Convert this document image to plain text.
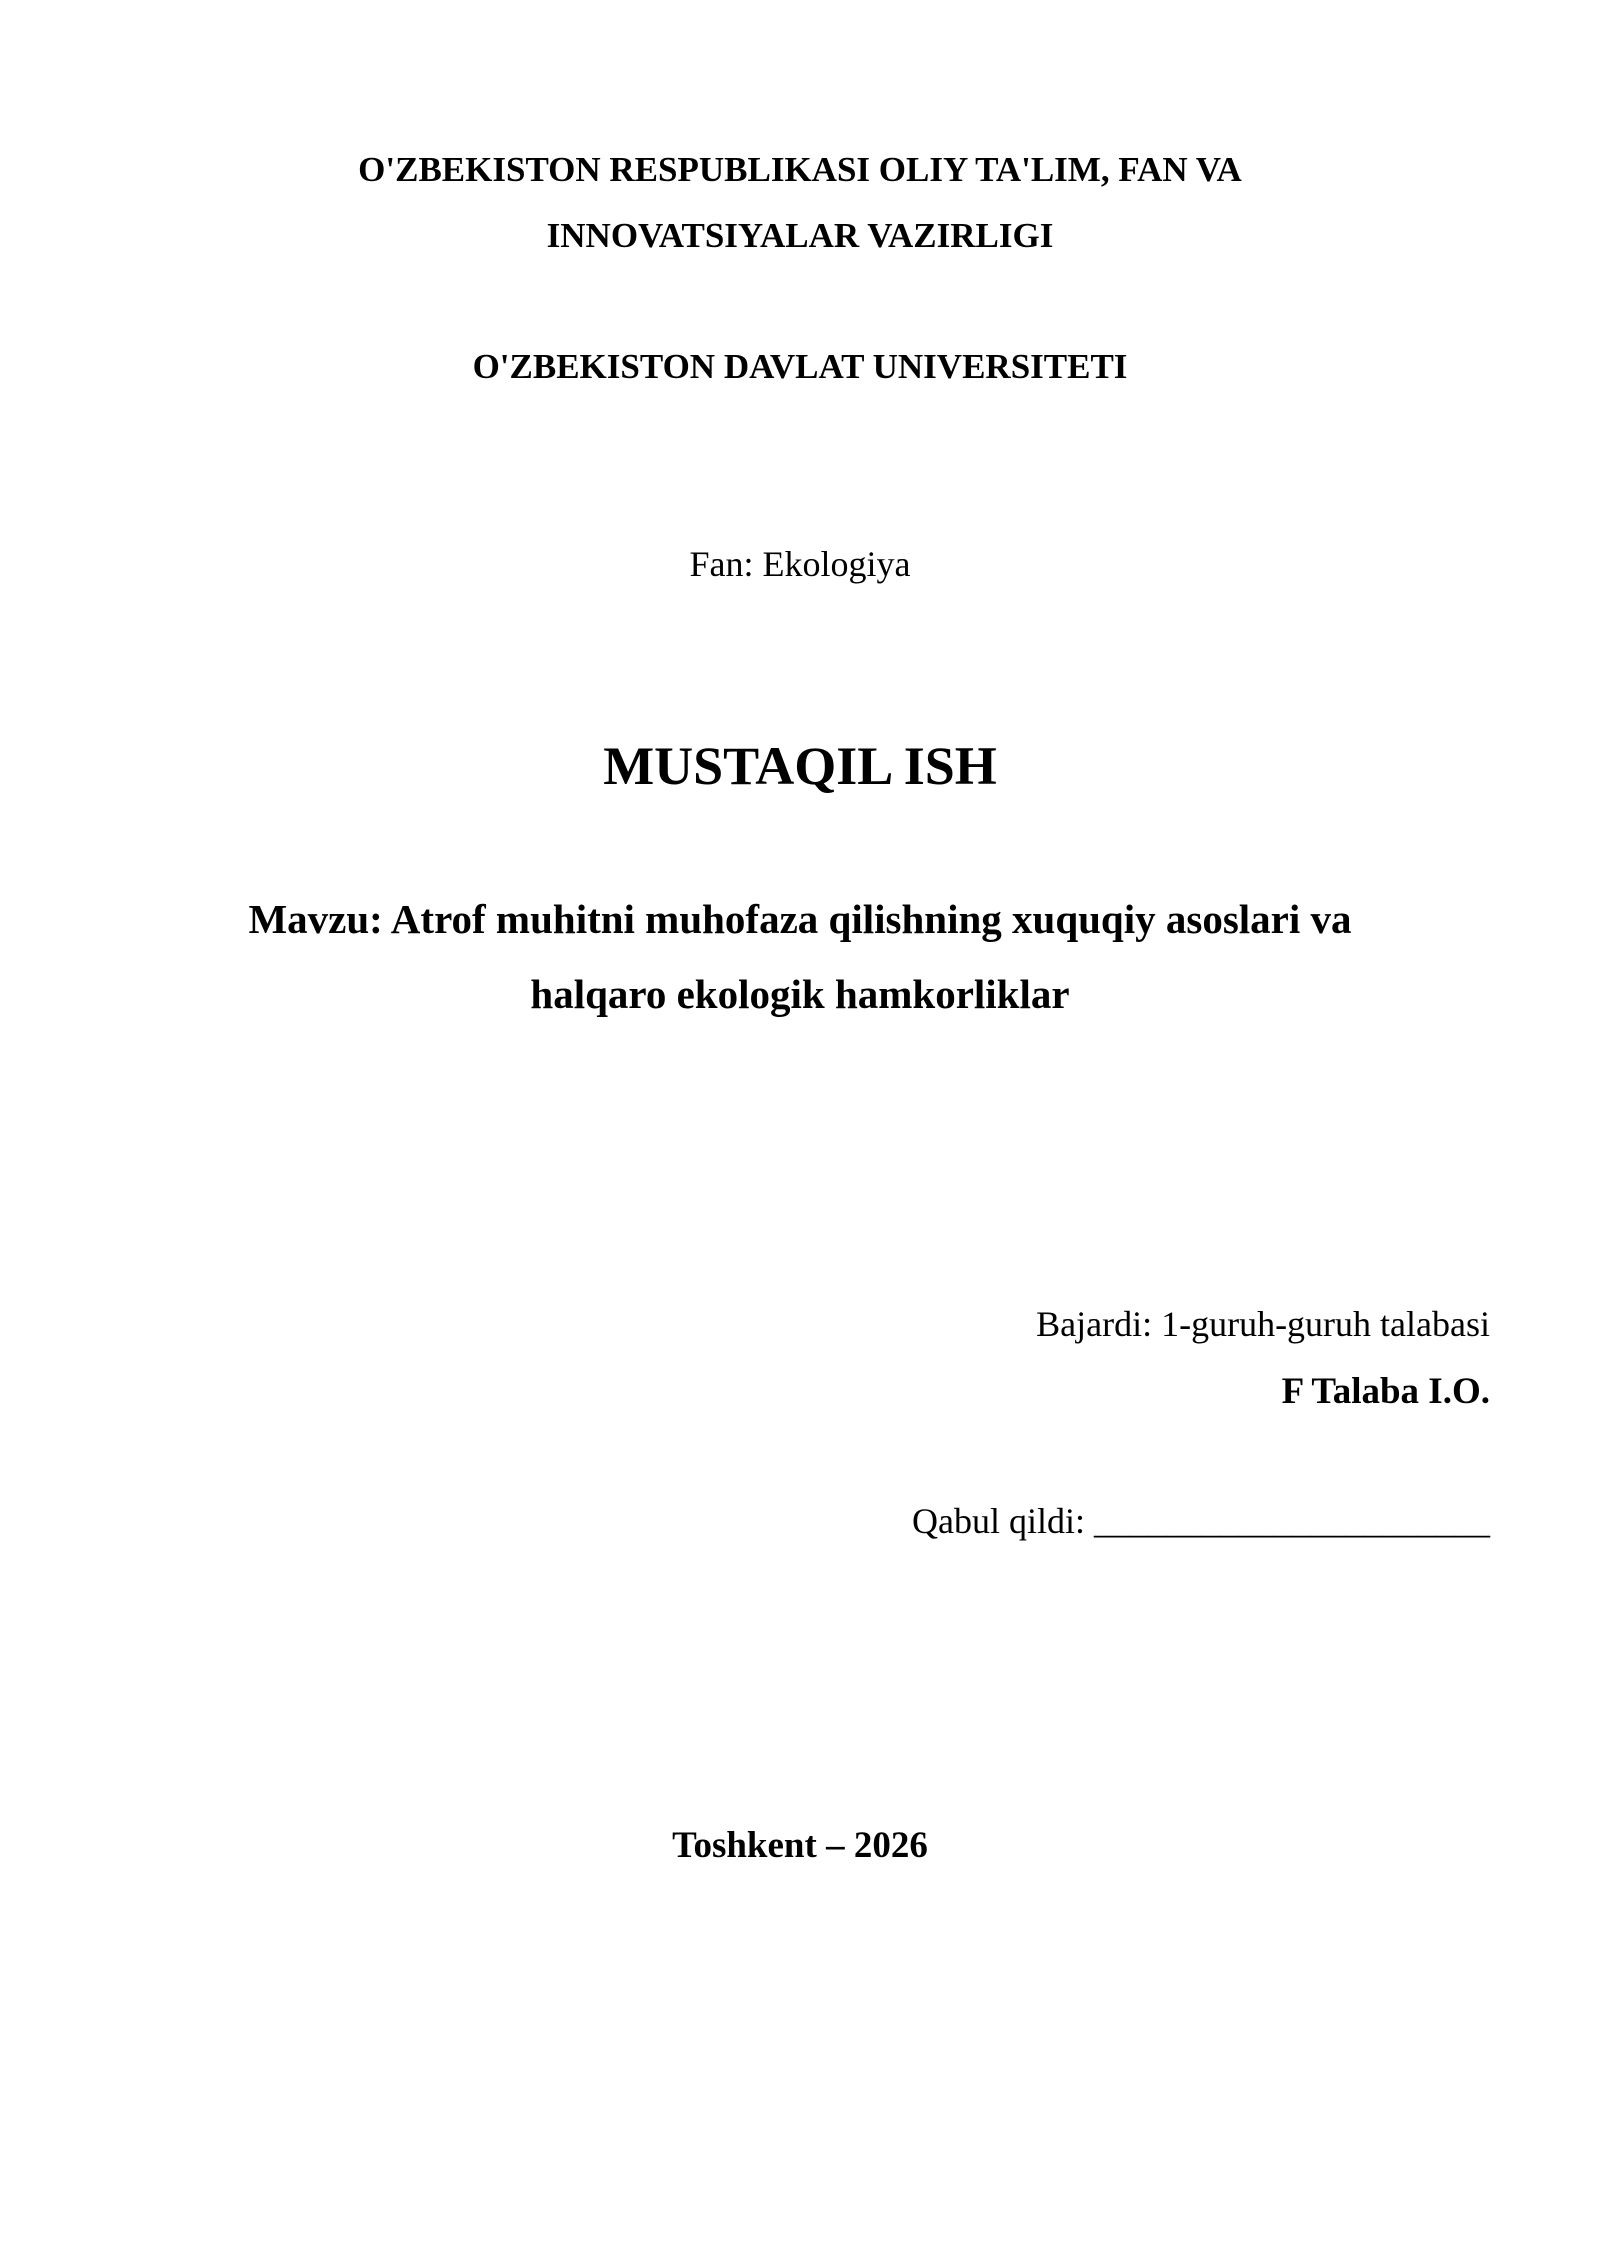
O'ZBEKISTON RESPUBLIKASI OLIY TA'LIM, FAN VA
INNOVATSIYALAR VAZIRLIGI
O'ZBEKISTON DAVLAT UNIVERSITETI
Fan: Ekologiya
MUSTAQIL ISH
Mavzu: Atrof muhitni muhofaza qilishning xuquqiy asoslari va
halqaro ekologik hamkorliklar
Bajardi: 1-guruh-guruh talabasi
F Talaba I.O.
Qabul qildi: ______________________
Toshkent – 2026
